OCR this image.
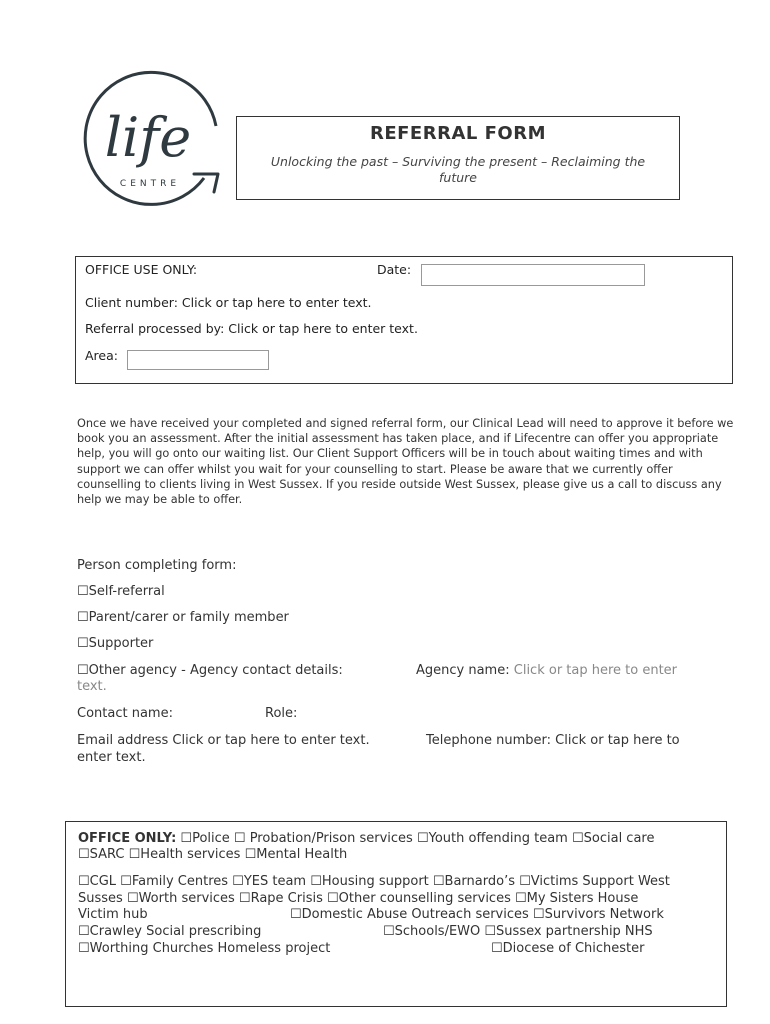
life
CENTRE
REFERRAL FORM
Unlocking the past – Surviving the present – Reclaiming the future
OFFICE USE ONLY:	Date:
Client number: Click or tap here to enter text.
Referral processed by: Click or tap here to enter text.
Area:
Once we have received your completed and signed referral form, our Clinical Lead will need to approve it before we book you an assessment. After the initial assessment has taken place, and if Lifecentre can offer you appropriate help, you will go onto our waiting list. Our Client Support Officers will be in touch about waiting times and with support we can offer whilst you wait for your counselling to start. Please be aware that we currently offer counselling to clients living in West Sussex. If you reside outside West Sussex, please give us a call to discuss any help we may be able to offer.
Person completing form:
☐Self-referral
☐Parent/carer or family member
☐Supporter
☐Other agency - Agency contact details:	Agency name: Click or tap here to enter
text.
Contact name:	Role:
Email address Click or tap here to enter text.	Telephone number: Click or tap here to
enter text.
OFFICE ONLY: ☐Police ☐ Probation/Prison services ☐Youth offending team ☐Social care
☐SARC ☐Health services ☐Mental Health
☐CGL ☐Family Centres ☐YES team ☐Housing support ☐Barnardo’s ☐Victims Support West
Susses ☐Worth services ☐Rape Crisis ☐Other counselling services ☐My Sisters House
Victim hub	☐Domestic Abuse Outreach services ☐Survivors Network
☐Crawley Social prescribing	☐Schools/EWO ☐Sussex partnership NHS
☐Worthing Churches Homeless project	☐Diocese of Chichester
